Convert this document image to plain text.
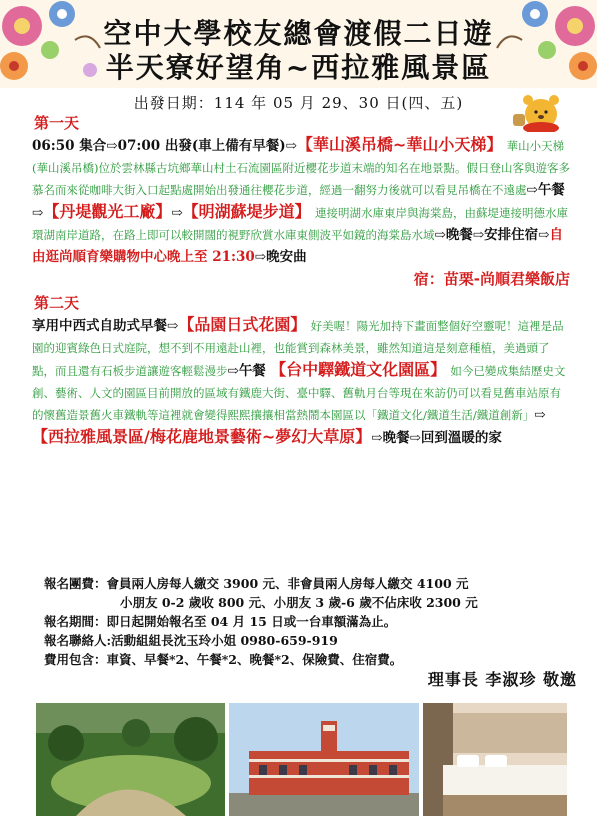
空中大學校友總會渡假二日遊
半天寮好望角~西拉雅風景區
出發日期：114 年 05 月 29、30 日(四、五)
第一天
06:50 集合⇨07:00 出發(車上備有早餐)⇨【華山溪吊橋~華山小天梯】 華山小天梯(華山溪吊橋)位於雲林縣古坑鄉華山村土石流園區附近櫻花步道末端的知名在地景點。假日登山客與遊客多慕名而來從咖啡大街入口起點處開始出發通往櫻花步道，經過一翻努力後就可以看見吊橋在不遠處⇨午餐⇨【丹堤觀光工廠】⇨【明湖蘇堤步道】 連接明湖水庫東岸與海棠島，由蘇堤連接明德水庫環湖南岸道路，在路上即可以較開闊的視野欣賞水庫東側波平如鏡的海棠島水域⇨晚餐⇨安排住宿⇨自由逛尚順育樂購物中心晚上至 21:30⇨晚安曲
宿：苗栗-尚順君樂飯店
第二天
享用中西式自助式早餐⇨【品園日式花園】 好美喔！陽光加持下畫面整個好空靈呢！這裡是品園的迎賓綠色日式庭院，想不到不用遠赴山裡，也能賞到森林美景，雖然知道這是刻意種植，美過頭了點，而且還有石板步道讓遊客輕鬆漫步⇨午餐 【台中驛鐵道文化園區】 如今已變成集結歷史文創、藝術、人文的園區目前開放的區域有鐵鹿大街、臺中驛、舊軌月台等現在來訪仍可以看見舊車站原有的懷舊造景舊火車鐵軌等這裡就會變得熙熙攘攘相當熱鬧本園區以「鐵道文化/鐵道生活/鐵道創新」⇨【西拉雅風景區/梅花鹿地景藝術~夢幻大草原】⇨晚餐⇨回到溫暖的家
報名團費：會員兩人房每人繳交 3900 元、非會員兩人房每人繳交 4100 元
小朋友 0-2 歲收 800 元、小朋友 3 歲-6 歲不佔床收 2300 元
報名期間：即日起開始報名至 04 月 15 日或一台車額滿為止。
報名聯絡人:活動組組長沈玉玲小姐 0980-659-919
費用包含：車資、早餐*2、午餐*2、晚餐*2、保險費、住宿費。
理事長 李淑珍 敬邀
